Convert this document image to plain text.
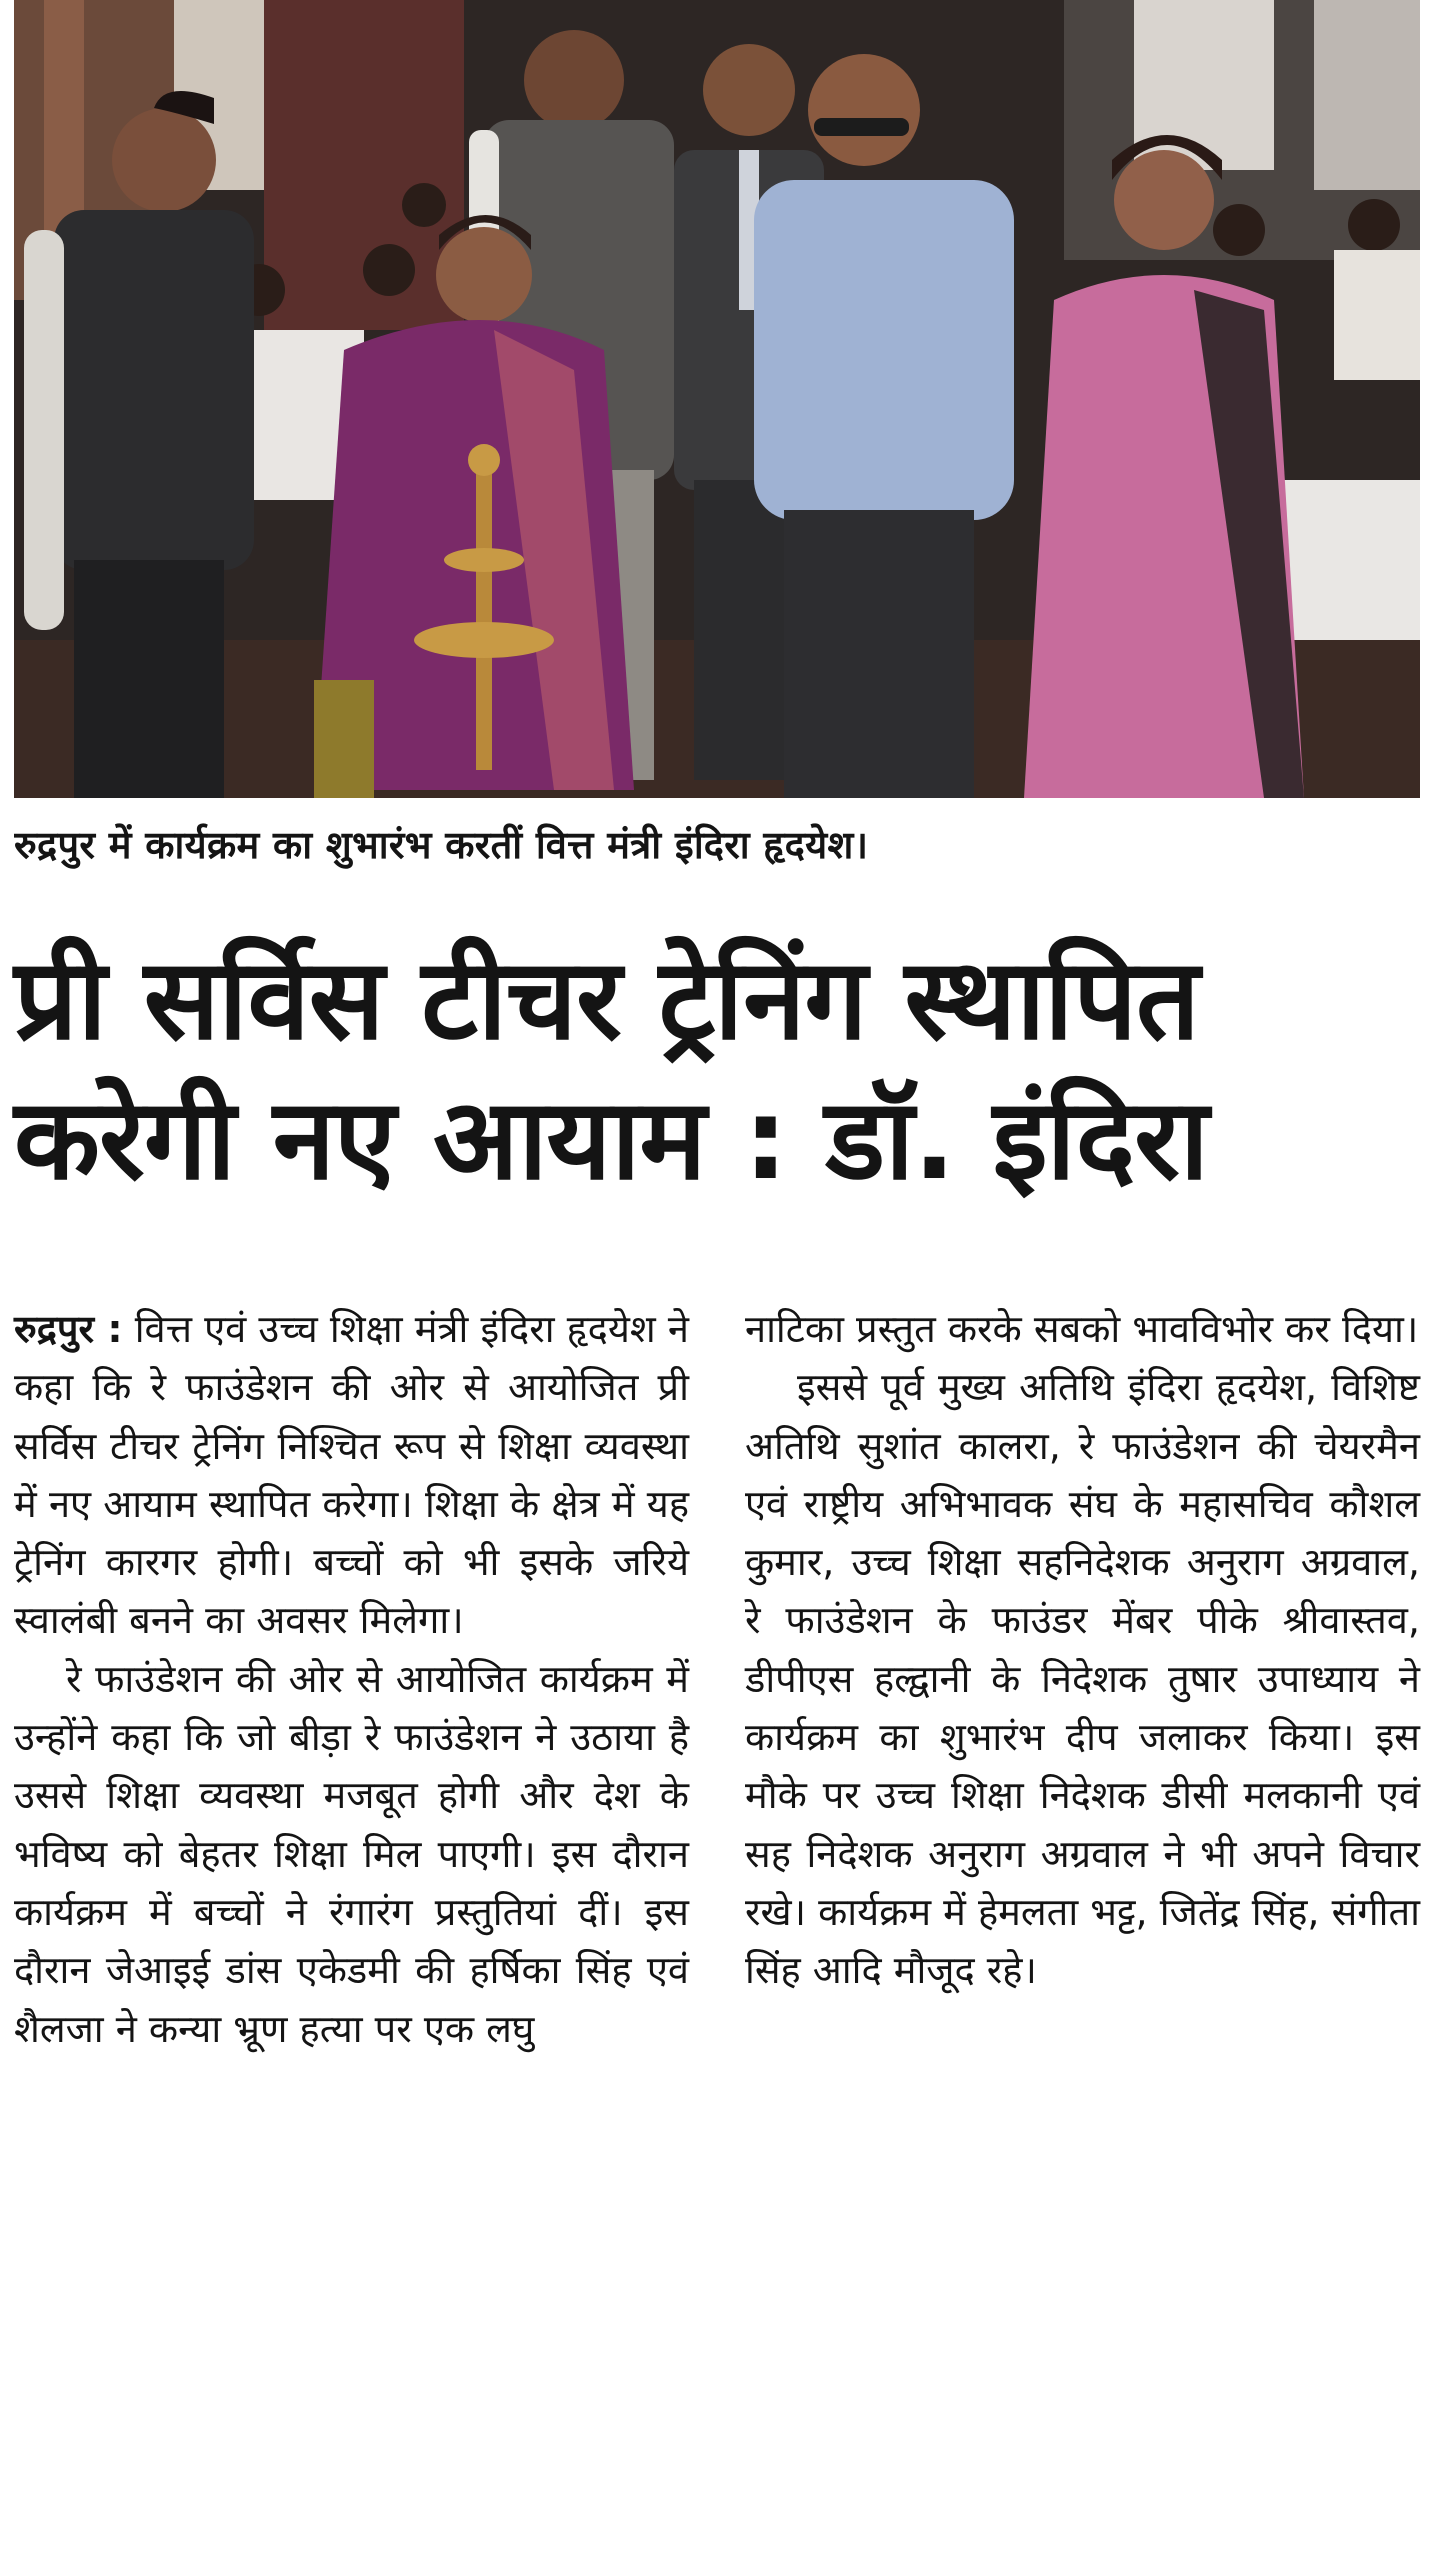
रुद्रपुर में कार्यक्रम का शुभारंभ करतीं वित्त मंत्री इंदिरा हृदयेश।
प्री सर्विस टीचर ट्रेनिंग स्थापित
करेगी नए आयाम : डॉ. इंदिरा

रुद्रपुर : वित्त एवं उच्च शिक्षा मंत्री इंदिरा हृदयेश ने कहा कि रे फाउंडेशन की ओर से आयोजित प्री सर्विस टीचर ट्रेनिंग निश्चित रूप से शिक्षा व्यवस्था में नए आयाम स्थापित करेगा। शिक्षा के क्षेत्र में यह ट्रेनिंग कारगर होगी। बच्चों को भी इसके जरिये स्वालंबी बनने का अवसर मिलेगा।

रे फाउंडेशन की ओर से आयोजित कार्यक्रम में उन्होंने कहा कि जो बीड़ा रे फाउंडेशन ने उठाया है उससे शिक्षा व्यवस्था मजबूत होगी और देश के भविष्य को बेहतर शिक्षा मिल पाएगी। इस दौरान कार्यक्रम में बच्चों ने रंगारंग प्रस्तुतियां दीं। इस दौरान जेआइई डांस एकेडमी की हर्षिका सिंह एवं शैलजा ने कन्या भ्रूण हत्या पर एक लघु

नाटिका प्रस्तुत करके सबको भावविभोर कर दिया।

इससे पूर्व मुख्य अतिथि इंदिरा हृदयेश, विशिष्ट अतिथि सुशांत कालरा, रे फाउंडेशन की चेयरमैन एवं राष्ट्रीय अभिभावक संघ के महासचिव कौशल कुमार, उच्च शिक्षा सहनिदेशक अनुराग अग्रवाल, रे फाउंडेशन के फाउंडर मेंबर पीके श्रीवास्तव, डीपीएस हल्द्वानी के निदेशक तुषार उपाध्याय ने कार्यक्रम का शुभारंभ दीप जलाकर किया। इस मौके पर उच्च शिक्षा निदेशक डीसी मलकानी एवं सह निदेशक अनुराग अग्रवाल ने भी अपने विचार रखे। कार्यक्रम में हेमलता भट्ट, जितेंद्र सिंह, संगीता सिंह आदि मौजूद रहे।
